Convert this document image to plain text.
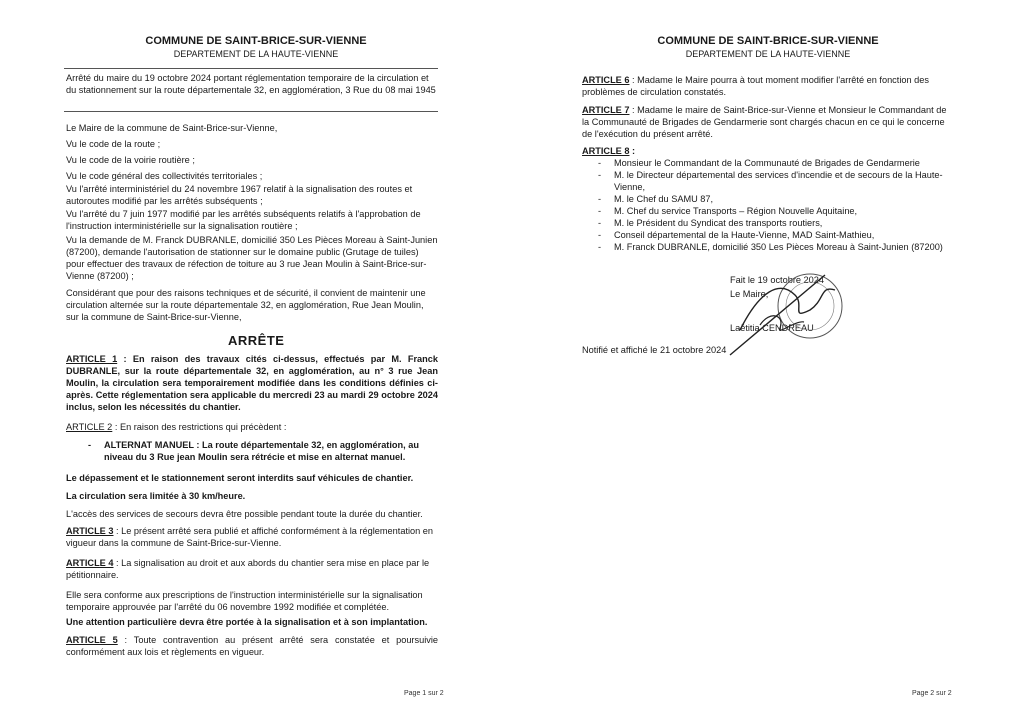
COMMUNE DE SAINT-BRICE-SUR-VIENNE
DEPARTEMENT DE LA HAUTE-VIENNE

Arrêté du maire du 19 octobre 2024 portant réglementation temporaire de la circulation et du stationnement sur la route départementale 32, en agglomération, 3 Rue du 08 mai 1945

Le Maire de la commune de Saint-Brice-sur-Vienne,

Vu le code de la route ;

Vu le code de la voirie routière ;

Vu le code général des collectivités territoriales ;

Vu l'arrêté interministériel du 24 novembre 1967 relatif à la signalisation des routes et autoroutes modifié par les arrêtés subséquents ;

Vu l'arrêté du 7 juin 1977 modifié par les arrêtés subséquents relatifs à l'approbation de l'instruction interministérielle sur la signalisation routière ;

Vu la demande de M. Franck DUBRANLE, domicilié 350 Les Pièces Moreau à Saint-Junien (87200), demande l'autorisation de stationner sur le domaine public (Grutage de tuiles) pour effectuer des travaux de réfection de toiture au 3 rue Jean Moulin à Saint-Brice-sur-Vienne (87200) ;

Considérant que pour des raisons techniques et de sécurité, il convient de maintenir une circulation alternée sur la route départementale 32, en agglomération, Rue Jean Moulin, sur la commune de Saint-Brice-sur-Vienne,

ARRÊTE

ARTICLE 1 : En raison des travaux cités ci-dessus, effectués par M. Franck DUBRANLE, sur la route départementale 32, en agglomération, au n° 3 rue Jean Moulin, la circulation sera temporairement modifiée dans les conditions définies ci-après. Cette réglementation sera applicable du mercredi 23 au mardi 29 octobre 2024 inclus, selon les nécessités du chantier.

ARTICLE 2 : En raison des restrictions qui précèdent :

- ALTERNAT MANUEL : La route départementale 32, en agglomération, au niveau du 3 Rue jean Moulin sera rétrécie et mise en alternat manuel.

Le dépassement et le stationnement seront interdits sauf véhicules de chantier.

La circulation sera limitée à 30 km/heure.

L'accès des services de secours devra être possible pendant toute la durée du chantier.

ARTICLE 3 : Le présent arrêté sera publié et affiché conformément à la réglementation en vigueur dans la commune de Saint-Brice-sur-Vienne.

ARTICLE 4 : La signalisation au droit et aux abords du chantier sera mise en place par le pétitionnaire.

Elle sera conforme aux prescriptions de l'instruction interministérielle sur la signalisation temporaire approuvée par l'arrêté du 06 novembre 1992 modifiée et complétée.

Une attention particulière devra être portée à la signalisation et à son implantation.

ARTICLE 5 : Toute contravention au présent arrêté sera constatée et poursuivie conformément aux lois et règlements en vigueur.

Page 1 sur 2
COMMUNE DE SAINT-BRICE-SUR-VIENNE
DEPARTEMENT DE LA HAUTE-VIENNE

ARTICLE 6 : Madame le Maire pourra à tout moment modifier l'arrêté en fonction des problèmes de circulation constatés.

ARTICLE 7 : Madame le maire de Saint-Brice-sur-Vienne et Monsieur le Commandant de la Communauté de Brigades de Gendarmerie sont chargés chacun en ce qui le concerne de l'exécution du présent arrêté.

ARTICLE 8 :

- Monsieur le Commandant de la Communauté de Brigades de Gendarmerie
- M. le Directeur départemental des services d'incendie et de secours de la Haute-Vienne,
- M. le Chef du SAMU 87,
- M. Chef du service Transports – Région Nouvelle Aquitaine,
- M. le Président du Syndicat des transports routiers,
- Conseil départemental de la Haute-Vienne, MAD Saint-Mathieu,
- M. Franck DUBRANLE, domicilié 350 Les Pièces Moreau à Saint-Junien (87200)

Fait le 19 octobre 2024

Le Maire,

Laëtitia CENDREAU

Notifié et affiché le 21 octobre 2024

Page 2 sur 2
